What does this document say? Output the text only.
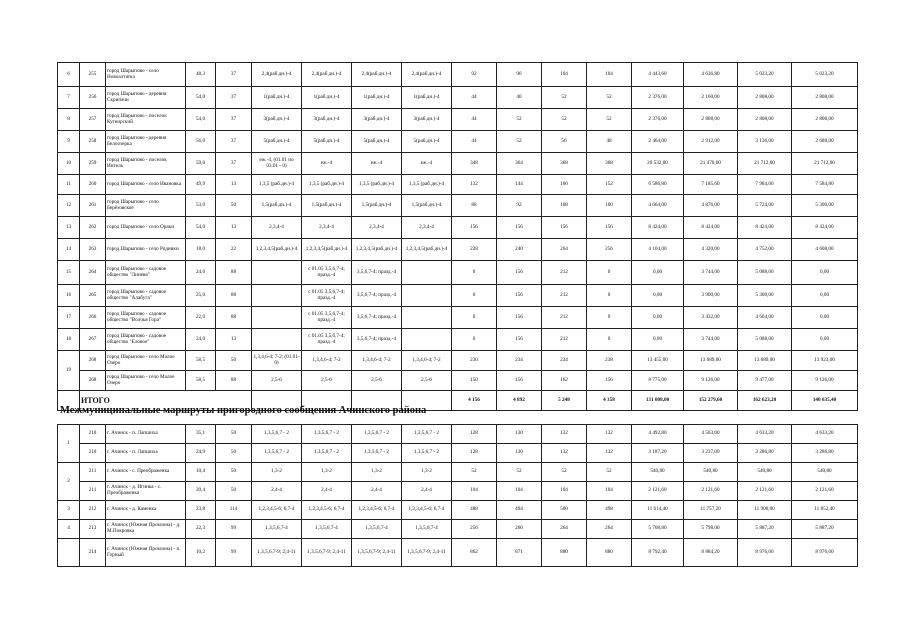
6	255	город Шарыпово - село Новоалтатка	48,3	37	2,4(раб.дн.)-4	2,4(раб.дн.)-4	2,4(раб.дн.)-4	2,4(раб.дн.)-4	92	96	104	104	4 443,60	4 636,80	5 023,20	5 023,20
7	256	город Шарыпово - деревня Скрипачи	54,0	37	1(раб.дн.)-4	1(раб.дн.)-4	1(раб.дн.)-4	1(раб.дн.)-4	44	40	52	52	2 376,00	2 160,00	2 808,00	2 808,00
8	257	город Шарыпово - поселок Кутеирский	54,0	37	3(раб.дн.)-4	3(раб.дн.)-4	3(раб.дн.)-4	3(раб.дн.)-4	44	52	52	52	2 376,00	2 808,00	2 808,00	2 808,00
9	258	город Шарыпово - деревня Белоозерка	56,0	37	5(раб.дн.)-4	5(раб.дн.)-4	5(раб.дн.)-4	5(раб.дн.)-4	44	52	56	48	2 464,00	2 912,00	3 136,00	2 688,00
10	259	город Шарыпово - поселок Интель	59,0	37	еж.-4, (01.01 по 03.01 - 0)	еж.-4	еж.-4	еж.-4	348	364	368	368	20 532,00	21 476,00	21 712,00	21 712,00
11	260	город Шарыпово - село Ивановка	49,9	13	1,3,5 (раб.дн.)-4	1,3,5 (раб.дн.)-4	1,3,5 (раб.дн.)-4	1,3,5 (раб.дн.)-4	132	144	160	152	6 586,80	7 185,60	7 984,00	7 584,80
12	261	город Шарыпово - село Берёзовское	53,0	50	1,5(раб.дн.)-4	1,5(раб.дн.)-4	1,5(раб.дн.)-4	1,5(раб.дн.)-4	88	92	108	100	4 664,00	4 876,00	5 724,00	5 300,00
13	262	город Шарыпово - село Ораки	54,0	13	2,3,4-4	2,3,4-4	2,3,4-4	2,3,4-4	156	156	156	156	8 424,00	8 424,00	8 424,00	8 424,00
14	263	город Шарыпово - село Родники	18,0	22	1,2,3,4,5(раб.дн.)-4	1,2,3,4,5(раб.дн.)-4	1,2,3,4,5(раб.дн.)-4	1,2,3,4,5(раб.дн.)-4	228	240	264	256	4 104,00	4 320,00	4 752,00	4 608,00
15	264	город Шарыпово - садовое общество "Линево"	24,0	88		с 01.05 3,5,6,7-4; празд.-4	3,5,6,7-4; празд.-4		0	156	212	0	0,00	3 744,00	5 088,00	0,00
16	265	город Шарыпово - садовое общество "Алабуга"	25,0	88		с 01.05 3,5,6,7-4; празд.-4	3,5,6,7-4; празд.-4		0	156	212	0	0,00	3 900,00	5 300,00	0,00
17	266	город Шарыпово - садовое общество "Волчья Гора"	22,0	88		с 01.05 3,5,6,7-4; празд.-4	3,5,6,7-4; празд.-4		0	156	212	0	0,00	3 432,00	4 664,00	0,00
18	267	город Шарыпово - садовое общество "Еловое"	24,0	13		с 01.05 3,5,6,7-4; празд.-4	3,5,6,7-4; празд.-4		0	156	212	0	0,00	3 744,00	5 088,00	0,00
19	268	город Шарыпово - село Малое Озеро	58,5	50	1,3,4,6-4; 7-2; (01.01-0)	1,3,4,6-4; 7-2	1,3,4,6-4; 7-2	1,3,4,6-4; 7-2	230	234	234	238	13 455,00	13 689,00	13 689,00	13 923,00
	268	город Шарыпово - село Малое Озеро	58,5	88	2,5-6	2,5-6	2,5-6	2,5-6	150	156	162	156	8 775,00	9 126,00	9 477,00	9 126,00
	ИТОГО								4 156	4 892	5 248	4 358	131 008,00	152 279,60	162 623,20	140 635,40
Межмуниципальные маршруты пригородного сообщения Ачинского района
1	210	г. Ачинск - п. Лапшиха	35,1	50	1,3,5,6,7 - 2	1,3,5,6,7 - 2	1,3,5,6,7 - 2	1,3,5,6,7 - 2	128	130	132	132	4 492,80	4 563,00	4 633,20	4 633,20
	210	г. Ачинск - п. Лапшиха	24,9	50	1,3,5,6,7 - 2	1,3,5,6,7 - 2	1,3,5,6,7 - 2	1,3,5,6,7 - 2	128	130	132	132	3 187,20	3 237,00	3 286,80	3 286,80
2	211	г. Ачинск - с. Преображенка	10,4	50	1,3-2	1,3-2	1,3-2	1,3-2	52	52	52	52	540,80	540,80	540,80	540,80
	211	г. Ачинск - д. Игинка - с. Преображенка	20,4	50	2,4-4	2,4-4	2,4-4	2,4-4	104	104	104	104	2 121,60	2 121,60	2 121,60	2 121,60
3	212	г. Ачинск - д. Каменка	23,8	114	1,2,3,4,5-6; 6,7-4	1,2,3,4,5-6; 6,7-4	1,2,3,4,5-6; 6,7-4	1,2,3,4,5-6; 6,7-4	488	494	500	498	11 614,40	11 757,20	11 900,00	11 852,40
4	213	г. Ачинск (Южная Промзона) - д. М.Покровка	22,3	99	1,3,5,6,7-4	1,3,5,6,7-4	1,3,5,6,7-4	1,3,5,6,7-4	256	260	264	264	5 708,80	5 798,00	5 887,20	5 887,20
	214	г. Ачинск (Южная Промзона) - п. Горный	10,2	99	1,3,5,6,7-9; 2,4-11	1,3,5,6,7-9; 2,4-11	1,3,5,6,7-9; 2,4-11	1,3,5,6,7-9; 2,4-11	862	871	880	880	8 792,40	8 884,20	8 976,00	8 976,00
